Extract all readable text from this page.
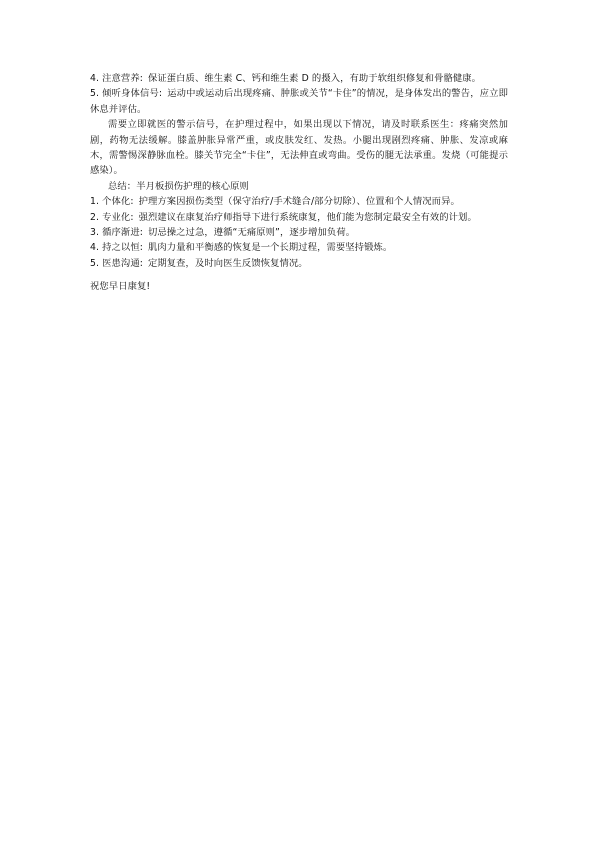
4. 注意营养: 保证蛋白质、维生素 C、钙和维生素 D 的摄入，有助于软组织修复和骨骼健康。

5. 倾听身体信号: 运动中或运动后出现疼痛、肿胀或关节“卡住”的情况，是身体发出的警告，应立即休息并评估。

需要立即就医的警示信号，在护理过程中，如果出现以下情况，请及时联系医生：疼痛突然加剧，药物无法缓解。膝盖肿胀异常严重，或皮肤发红、发热。小腿出现剧烈疼痛、肿胀、发凉或麻木，需警惕深静脉血栓。膝关节完全“卡住”，无法伸直或弯曲。受伤的腿无法承重。发烧（可能提示感染）。

总结：半月板损伤护理的核心原则

1. 个体化: 护理方案因损伤类型（保守治疗/手术缝合/部分切除）、位置和个人情况而异。

2. 专业化: 强烈建议在康复治疗师指导下进行系统康复，他们能为您制定最安全有效的计划。

3. 循序渐进: 切忌操之过急，遵循“无痛原则”，逐步增加负荷。

4. 持之以恒: 肌肉力量和平衡感的恢复是一个长期过程，需要坚持锻炼。

5. 医患沟通: 定期复查，及时向医生反馈恢复情况。

祝您早日康复!
